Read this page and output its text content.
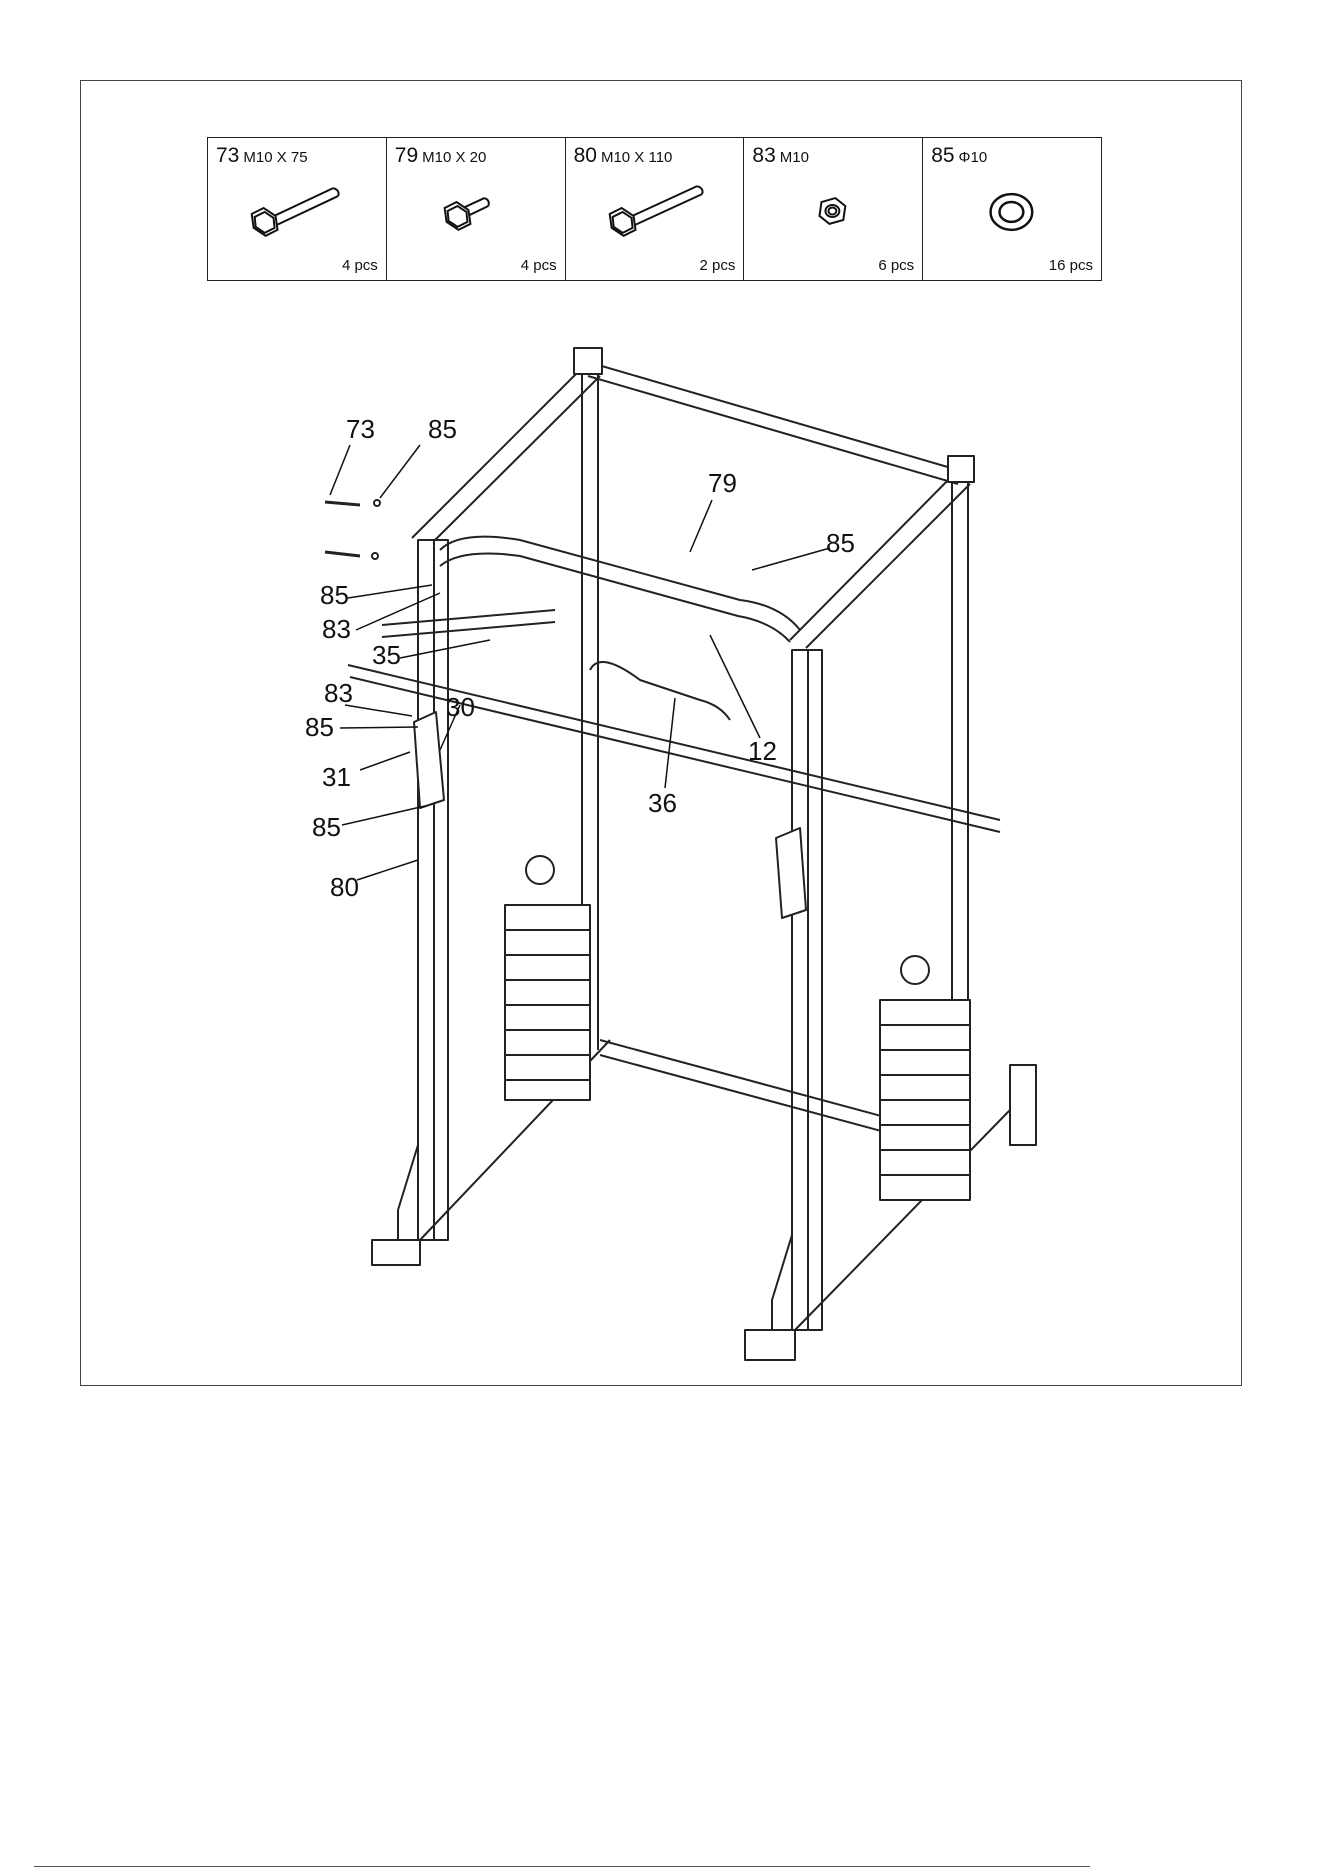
73 M10 X 75
4 pcs
79 M10 X 20
4 pcs
80 M10 X 110
2 pcs
83 M10
6 pcs
85 Φ10
16 pcs
73 85
79
85
85
83
35
83	30
85
31
85
80
12
36
